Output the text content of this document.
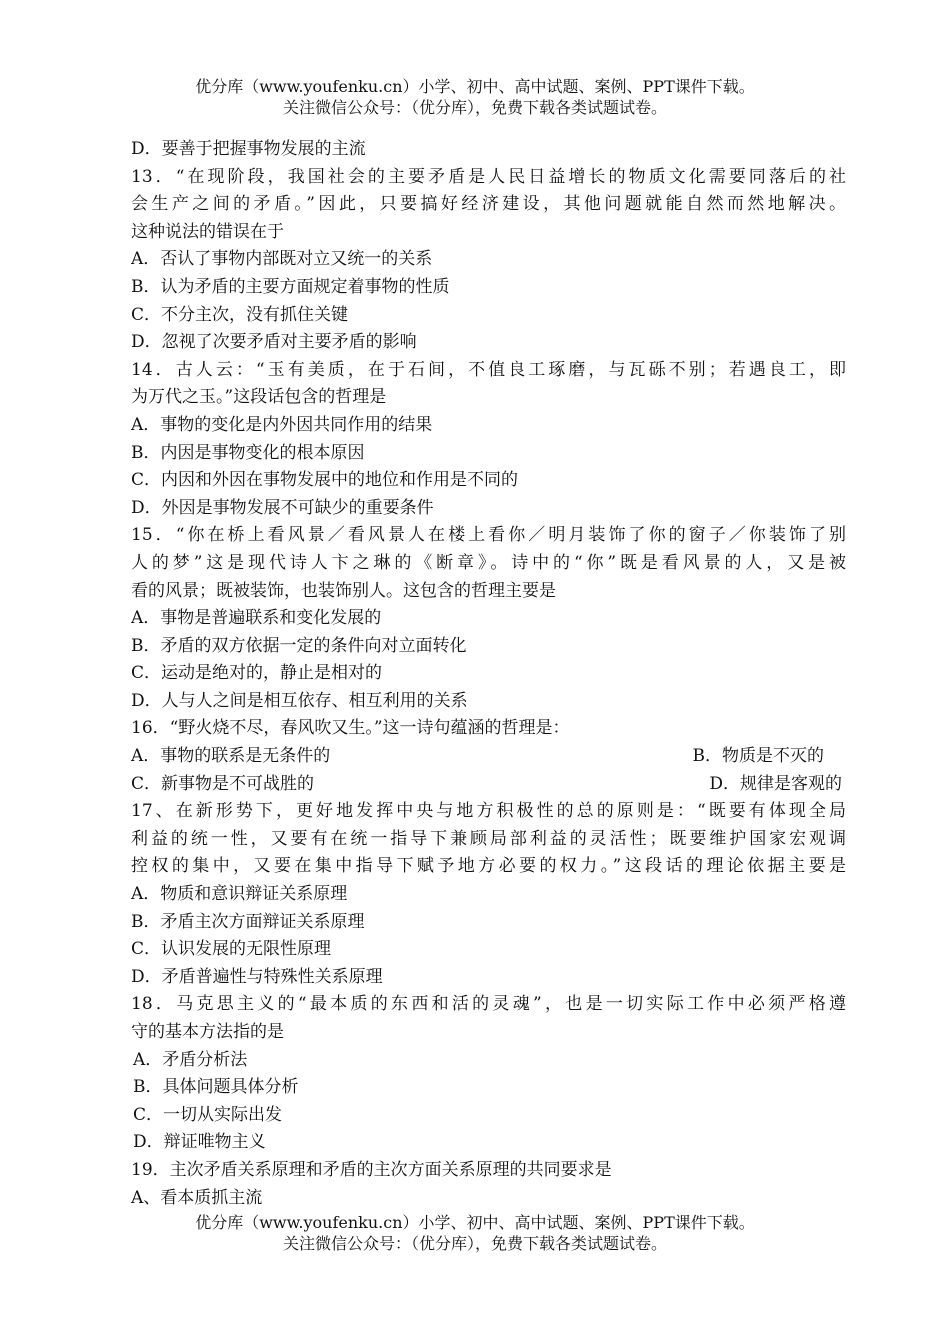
优分库（www.youfenku.cn）小学、初中、高中试题、案例、PPT课件下载。
关注微信公众号：（优分库），免费下载各类试题试卷。
D．要善于把握事物发展的主流
13．“在现阶段，我国社会的主要矛盾是人民日益增长的物质文化需要同落后的社
会生产之间的矛盾。”因此，只要搞好经济建设，其他问题就能自然而然地解决。
这种说法的错误在于
A．否认了事物内部既对立又统一的关系
B．认为矛盾的主要方面规定着事物的性质
C．不分主次，没有抓住关键
D．忽视了次要矛盾对主要矛盾的影响
14．古人云：“玉有美质，在于石间，不值良工琢磨，与瓦砾不别；若遇良工，即
为万代之玉。”这段话包含的哲理是
A．事物的变化是内外因共同作用的结果
B．内因是事物变化的根本原因
C．内因和外因在事物发展中的地位和作用是不同的
D．外因是事物发展不可缺少的重要条件
15．“你在桥上看风景／看风景人在楼上看你／明月装饰了你的窗子／你装饰了别
人的梦”这是现代诗人卞之琳的《断章》。诗中的“你”既是看风景的人，又是被
看的风景；既被装饰，也装饰别人。这包含的哲理主要是
A．事物是普遍联系和变化发展的
B．矛盾的双方依据一定的条件向对立面转化
C．运动是绝对的，静止是相对的
D．人与人之间是相互依存、相互利用的关系
16．“野火烧不尽，春风吹又生。”这一诗句蕴涵的哲理是：
A．事物的联系是无条件的	B．物质是不灭的
C．新事物是不可战胜的	D．规律是客观的
17、在新形势下，更好地发挥中央与地方积极性的总的原则是：“既要有体现全局
利益的统一性，又要有在统一指导下兼顾局部利益的灵活性；既要维护国家宏观调
控权的集中，又要在集中指导下赋予地方必要的权力。”这段话的理论依据主要是
A．物质和意识辩证关系原理
B．矛盾主次方面辩证关系原理
C．认识发展的无限性原理
D．矛盾普遍性与特殊性关系原理
18．马克思主义的“最本质的东西和活的灵魂”，也是一切实际工作中必须严格遵
守的基本方法指的是
A．矛盾分析法
B．具体问题具体分析
C．一切从实际出发
D．辩证唯物主义
19．主次矛盾关系原理和矛盾的主次方面关系原理的共同要求是
A、看本质抓主流
优分库（www.youfenku.cn）小学、初中、高中试题、案例、PPT课件下载。
关注微信公众号：（优分库），免费下载各类试题试卷。
